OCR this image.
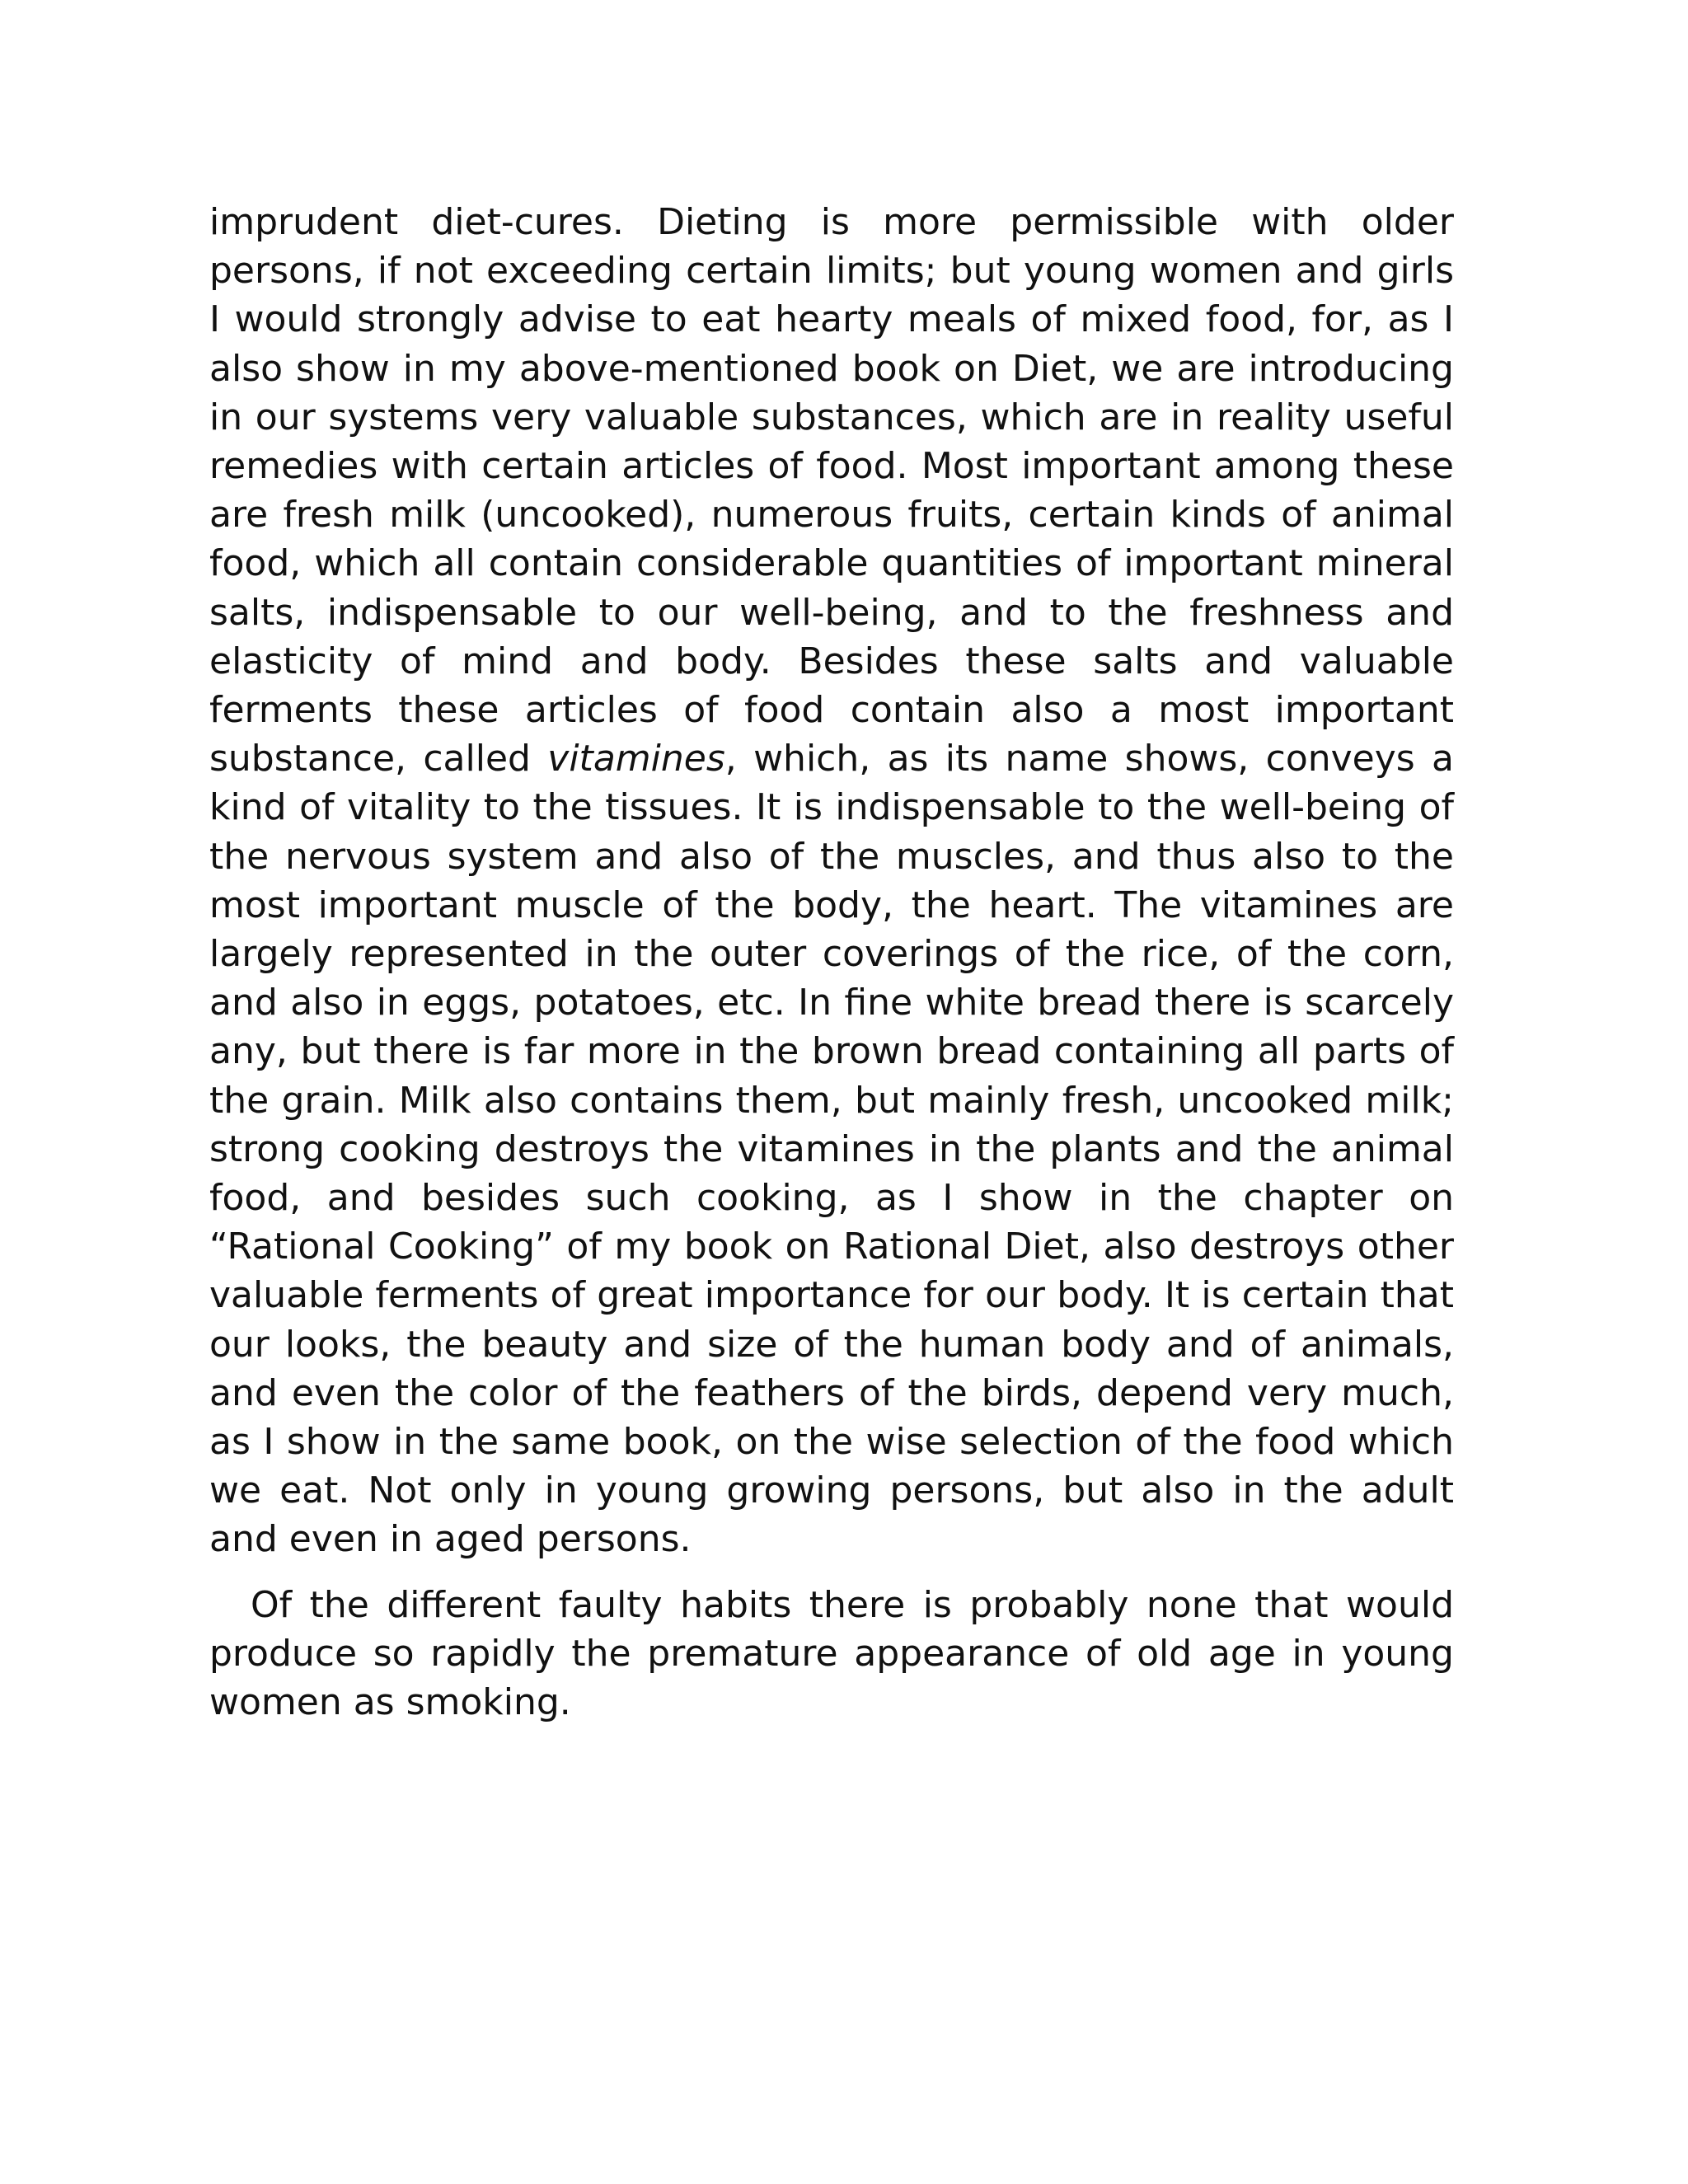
imprudent diet-cures. Dieting is more permissible with older persons, if not exceeding certain limits; but young women and girls I would strongly advise to eat hearty meals of mixed food, for, as I also show in my above-mentioned book on Diet, we are introducing in our systems very valuable substances, which are in reality useful remedies with certain articles of food. Most important among these are fresh milk (uncooked), numerous fruits, certain kinds of animal food, which all contain considerable quantities of important mineral salts, indispensable to our well-being, and to the freshness and elasticity of mind and body. Besides these salts and valuable ferments these articles of food contain also a most important substance, called vitamines, which, as its name shows, conveys a kind of vitality to the tissues. It is indispensable to the well-being of the nervous system and also of the muscles, and thus also to the most important muscle of the body, the heart. The vitamines are largely represented in the outer coverings of the rice, of the corn, and also in eggs, potatoes, etc. In fine white bread there is scarcely any, but there is far more in the brown bread containing all parts of the grain. Milk also contains them, but mainly fresh, uncooked milk; strong cooking destroys the vitamines in the plants and the animal food, and besides such cooking, as I show in the chapter on “Rational Cooking” of my book on Rational Diet, also destroys other valuable ferments of great importance for our body. It is certain that our looks, the beauty and size of the human body and of animals, and even the color of the feathers of the birds, depend very much, as I show in the same book, on the wise selection of the food which we eat. Not only in young growing persons, but also in the adult and even in aged persons.

Of the different faulty habits there is probably none that would produce so rapidly the premature appearance of old age in young women as smoking.
